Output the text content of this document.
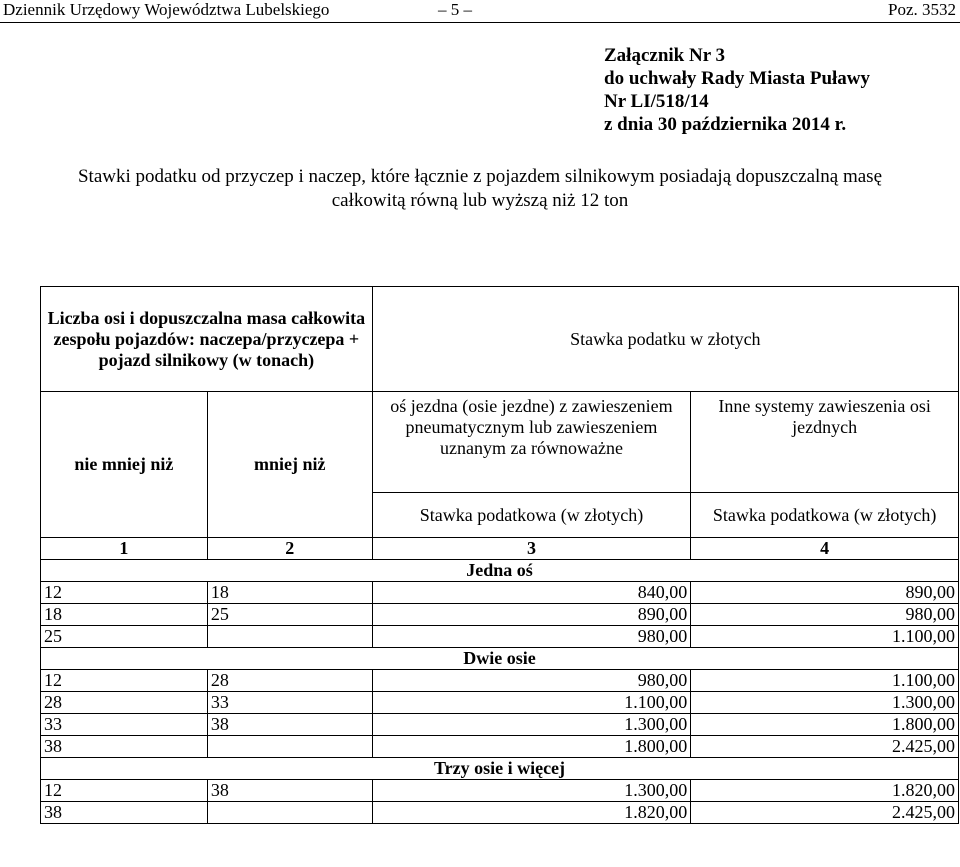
Dziennik Urzędowy Województwa Lubelskiego	– 5 –	Poz. 3532
Załącznik Nr 3
do uchwały Rady Miasta Puławy
Nr LI/518/14
z dnia 30 października 2014 r.
Stawki podatku od przyczep i naczep, które łącznie z pojazdem silnikowym posiadają dopuszczalną masę
całkowitą równą lub wyższą niż 12 ton
Liczba osi i dopuszczalna masa całkowita zespołu pojazdów: naczepa/przyczepa + pojazd silnikowy (w tonach)		Stawka podatku w złotych	
nie mniej niż	mniej niż	oś jezdna (osie jezdne) z zawieszeniem pneumatycznym lub zawieszeniem uznanym za równoważne	Inne systemy zawieszenia osi jezdnych
		Stawka podatkowa (w złotych)	Stawka podatkowa (w złotych)
1	2	3	4
Jedna oś			
12	18	840,00	890,00
18	25	890,00	980,00
25		980,00	1.100,00
Dwie osie			
12	28	980,00	1.100,00
28	33	1.100,00	1.300,00
33	38	1.300,00	1.800,00
38		1.800,00	2.425,00
Trzy osie i więcej			
12	38	1.300,00	1.820,00
38		1.820,00	2.425,00
